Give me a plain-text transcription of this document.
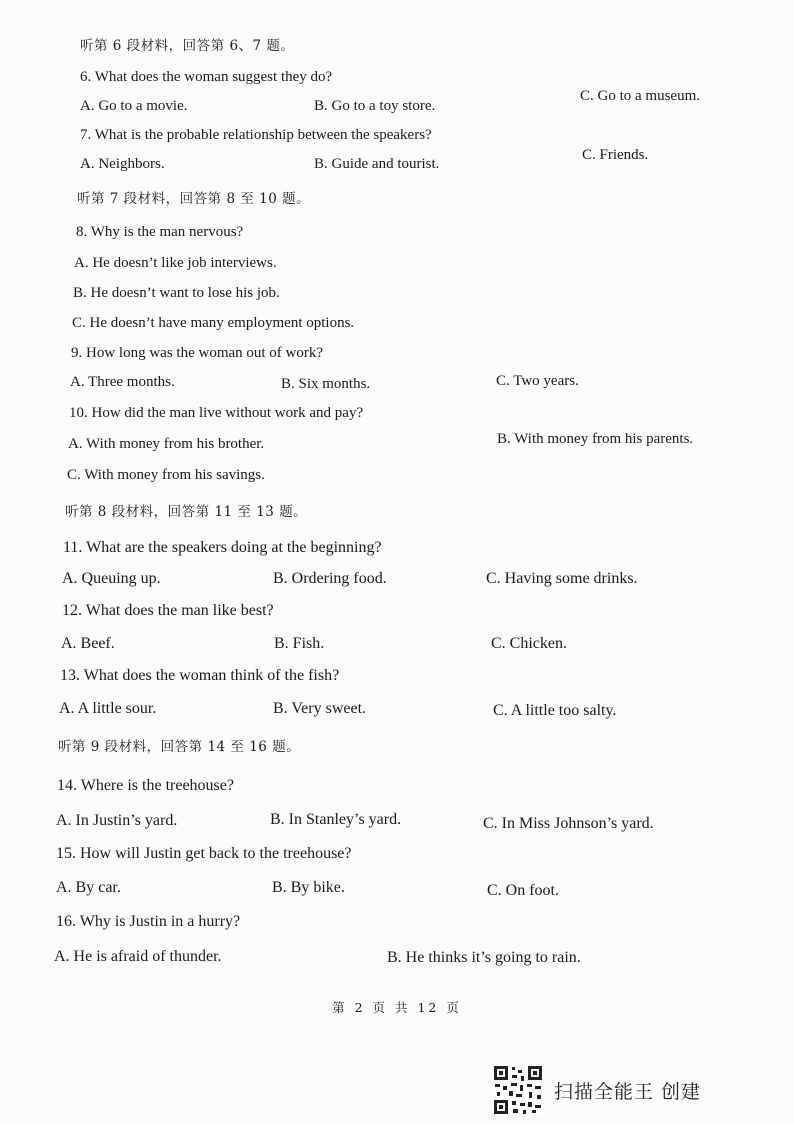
听第 6 段材料，回答第 6、7 题。
6. What does the woman suggest they do?
A. Go to a movie.	B. Go to a toy store.
C. Go to a museum.
7. What is the probable relationship between the speakers?
A. Neighbors.	B. Guide and tourist.
C. Friends.
听第 7 段材料，回答第 8 至 10 题。
8. Why is the man nervous?
A. He doesn’t like job interviews.
B. He doesn’t want to lose his job.
C. He doesn’t have many employment options.
9. How long was the woman out of work?
A. Three months.	B. Six months.	C. Two years.
10. How did the man live without work and pay?
A. With money from his brother.	B. With money from his parents.
C. With money from his savings.
听第 8 段材料，回答第 11 至 13 题。
11. What are the speakers doing at the beginning?
A. Queuing up.	B. Ordering food.	C. Having some drinks.
12. What does the man like best?
A. Beef.	B. Fish.	C. Chicken.
13. What does the woman think of the fish?
A. A little sour.	B. Very sweet.	C. A little too salty.
听第 9 段材料，回答第 14 至 16 题。
14. Where is the treehouse?
A. In Justin’s yard.	B. In Stanley’s yard.	C. In Miss Johnson’s yard.
15. How will Justin get back to the treehouse?
A. By car.	B. By bike.	C. On foot.
16. Why is Justin in a hurry?
A. He is afraid of thunder.	B. He thinks it’s going to rain.
第 2 页 共 12 页
扫描全能王 创建
